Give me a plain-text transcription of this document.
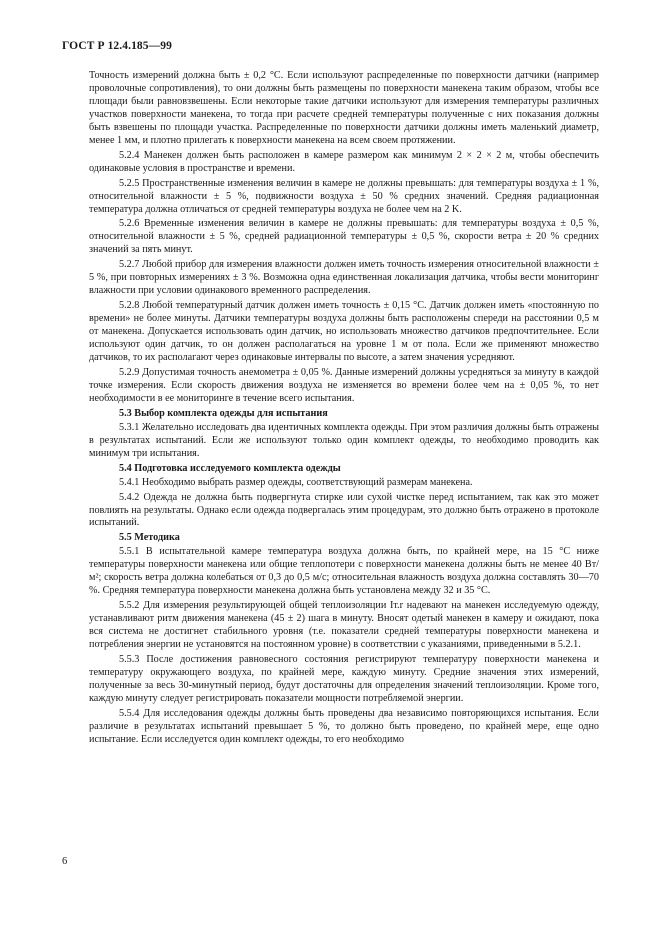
ГОСТ Р 12.4.185—99

Точность измерений должна быть ± 0,2 °С. Если используют распределенные по поверхности датчики (например проволочные сопротивления), то они должны быть размещены по поверхности манекена таким образом, чтобы все площади были равновзвешены. Если некоторые такие датчики используют для измерения температуры различных участков поверхности манекена, то тогда при расчете средней температуры полученные с них показания должны быть взвешены по площади участка. Распределенные по поверхности датчики должны иметь маленький диаметр, менее 1 мм, и плотно прилегать к поверхности манекена на всем своем протяжении.

5.2.4 Манекен должен быть расположен в камере размером как минимум 2 × 2 × 2 м, чтобы обеспечить одинаковые условия в пространстве и времени.

5.2.5 Пространственные изменения величин в камере не должны превышать: для температуры воздуха ± 1 %, относительной влажности ± 5 %, подвижности воздуха ± 50 % средних значений. Средняя радиационная температура должна отличаться от средней температуры воздуха не более чем на 2 K.

5.2.6 Временные изменения величин в камере не должны превышать: для температуры воздуха ± 0,5 %, относительной влажности ± 5 %, средней радиационной температуры ± 0,5 %, скорости ветра ± 20 % средних значений за пять минут.

5.2.7 Любой прибор для измерения влажности должен иметь точность измерения относительной влажности ± 5 %, при повторных измерениях ± 3 %. Возможна одна единственная локализация датчика, чтобы вести мониторинг влажности при условии одинакового временного распределения.

5.2.8 Любой температурный датчик должен иметь точность ± 0,15 °С. Датчик должен иметь «постоянную по времени» не более минуты. Датчики температуры воздуха должны быть расположены спереди на расстоянии 0,5 м от манекена. Допускается использовать один датчик, но использовать множество датчиков предпочтительнее. Если используют один датчик, то он должен располагаться на уровне 1 м от пола. Если же применяют множество датчиков, то их располагают через одинаковые интервалы по высоте, а затем значения усредняют.

5.2.9 Допустимая точность анемометра ± 0,05 %. Данные измерений должны усредняться за минуту в каждой точке измерения. Если скорость движения воздуха не изменяется во времени более чем на ± 0,05 %, то нет необходимости в ее мониторинге в течение всего испытания.

5.3 Выбор комплекта одежды для испытания

5.3.1 Желательно исследовать два идентичных комплекта одежды. При этом различия должны быть отражены в результатах испытаний. Если же используют только один комплект одежды, то необходимо проводить как минимум три испытания.

5.4 Подготовка исследуемого комплекта одежды

5.4.1 Необходимо выбрать размер одежды, соответствующий размерам манекена.

5.4.2 Одежда не должна быть подвергнута стирке или сухой чистке перед испытанием, так как это может повлиять на результаты. Однако если одежда подвергалась этим процедурам, это должно быть отражено в протоколе испытаний.

5.5 Методика

5.5.1 В испытательной камере температура воздуха должна быть, по крайней мере, на 15 °С ниже температуры поверхности манекена или общие теплопотери с поверхности манекена должны быть не менее 40 Вт/м²; скорость ветра должна колебаться от 0,3 до 0,5 м/с; относительная влажность воздуха должна составлять 30—70 %. Средняя температура поверхности манекена должна быть установлена между 32 и 35 °С.

5.5.2 Для измерения результирующей общей теплоизоляции Iт.r надевают на манекен исследуемую одежду, устанавливают ритм движения манекена (45 ± 2) шага в минуту. Вносят одетый манекен в камеру и ожидают, пока вся система не достигнет стабильного уровня (т.е. показатели средней температуры поверхности манекена и потребления энергии не установятся на постоянном уровне) в соответствии с указаниями, приведенными в 5.2.1.

5.5.3 После достижения равновесного состояния регистрируют температуру поверхности манекена и температуру окружающего воздуха, по крайней мере, каждую минуту. Средние значения этих измерений, полученные за весь 30-минутный период, будут достаточны для определения значений теплоизоляции. Кроме того, каждую минуту следует регистрировать показатели мощности потребляемой энергии.

5.5.4 Для исследования одежды должны быть проведены два независимо повторяющихся испытания. Если различие в результатах испытаний превышает 5 %, то должно быть проведено, по крайней мере, еще одно испытание. Если исследуется один комплект одежды, то его необходимо

6
